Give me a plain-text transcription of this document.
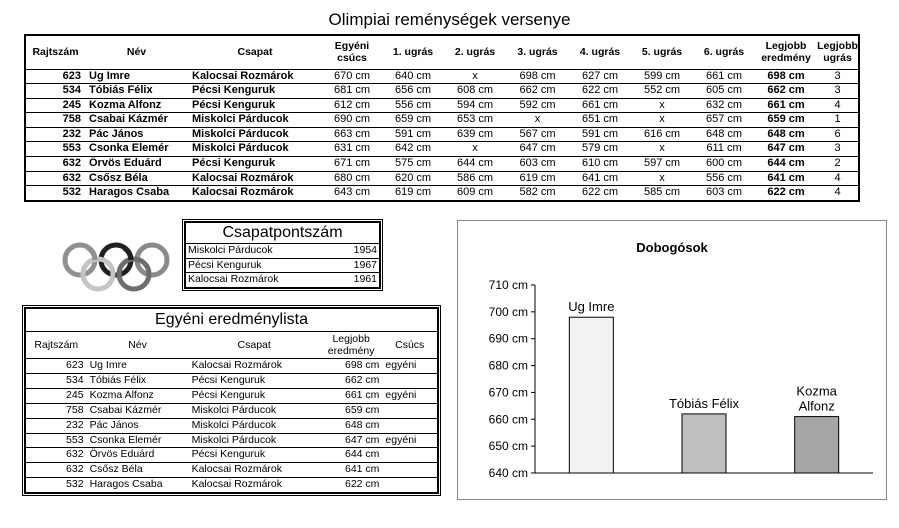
Olimpiai reménységek versenye
Rajtszám	Név	Csapat	Egyéni csúcs	1. ugrás	2. ugrás	3. ugrás	4. ugrás	5. ugrás	6. ugrás	Legjobb eredmény	Legjobb ugrás
623	Ug Imre	Kalocsai Rozmárok	670 cm	640 cm	x	698 cm	627 cm	599 cm	661 cm	698 cm	3
534	Tóbiás Félix	Pécsi Kenguruk	681 cm	656 cm	608 cm	662 cm	622 cm	552 cm	605 cm	662 cm	3
245	Kozma Alfonz	Pécsi Kenguruk	612 cm	556 cm	594 cm	592 cm	661 cm	x	632 cm	661 cm	4
758	Csabai Kázmér	Miskolci Párducok	690 cm	659 cm	653 cm	x	651 cm	x	657 cm	659 cm	1
232	Pác János	Miskolci Párducok	663 cm	591 cm	639 cm	567 cm	591 cm	616 cm	648 cm	648 cm	6
553	Csonka Elemér	Miskolci Párducok	631 cm	642 cm	x	647 cm	579 cm	x	611 cm	647 cm	3
632	Örvös Eduárd	Pécsi Kenguruk	671 cm	575 cm	644 cm	603 cm	610 cm	597 cm	600 cm	644 cm	2
632	Csősz Béla	Kalocsai Rozmárok	680 cm	620 cm	586 cm	619 cm	641 cm	x	556 cm	641 cm	4
532	Haragos Csaba	Kalocsai Rozmárok	643 cm	619 cm	609 cm	582 cm	622 cm	585 cm	603 cm	622 cm	4
Csapatpontszám
Miskolci Párducok	1954
Pécsi Kenguruk	1967
Kalocsai Rozmárok	1961
Egyéni eredménylista
Rajtszám	Név	Csapat	Legjobb eredmény	Csúcs
623	Ug Imre	Kalocsai Rozmárok	698 cm	egyéni
534	Tóbiás Félix	Pécsi Kenguruk	662 cm	
245	Kozma Alfonz	Pécsi Kenguruk	661 cm	egyéni
758	Csabai Kázmér	Miskolci Párducok	659 cm	
232	Pác János	Miskolci Párducok	648 cm	
553	Csonka Elemér	Miskolci Párducok	647 cm	egyéni
632	Örvös Eduárd	Pécsi Kenguruk	644 cm	
632	Csősz Béla	Kalocsai Rozmárok	641 cm	
532	Haragos Csaba	Kalocsai Rozmárok	622 cm	
Dobogósok
640 cm
650 cm
660 cm
670 cm
680 cm
690 cm
700 cm
710 cm
Ug Imre
Tóbiás Félix
Kozma
Alfonz
